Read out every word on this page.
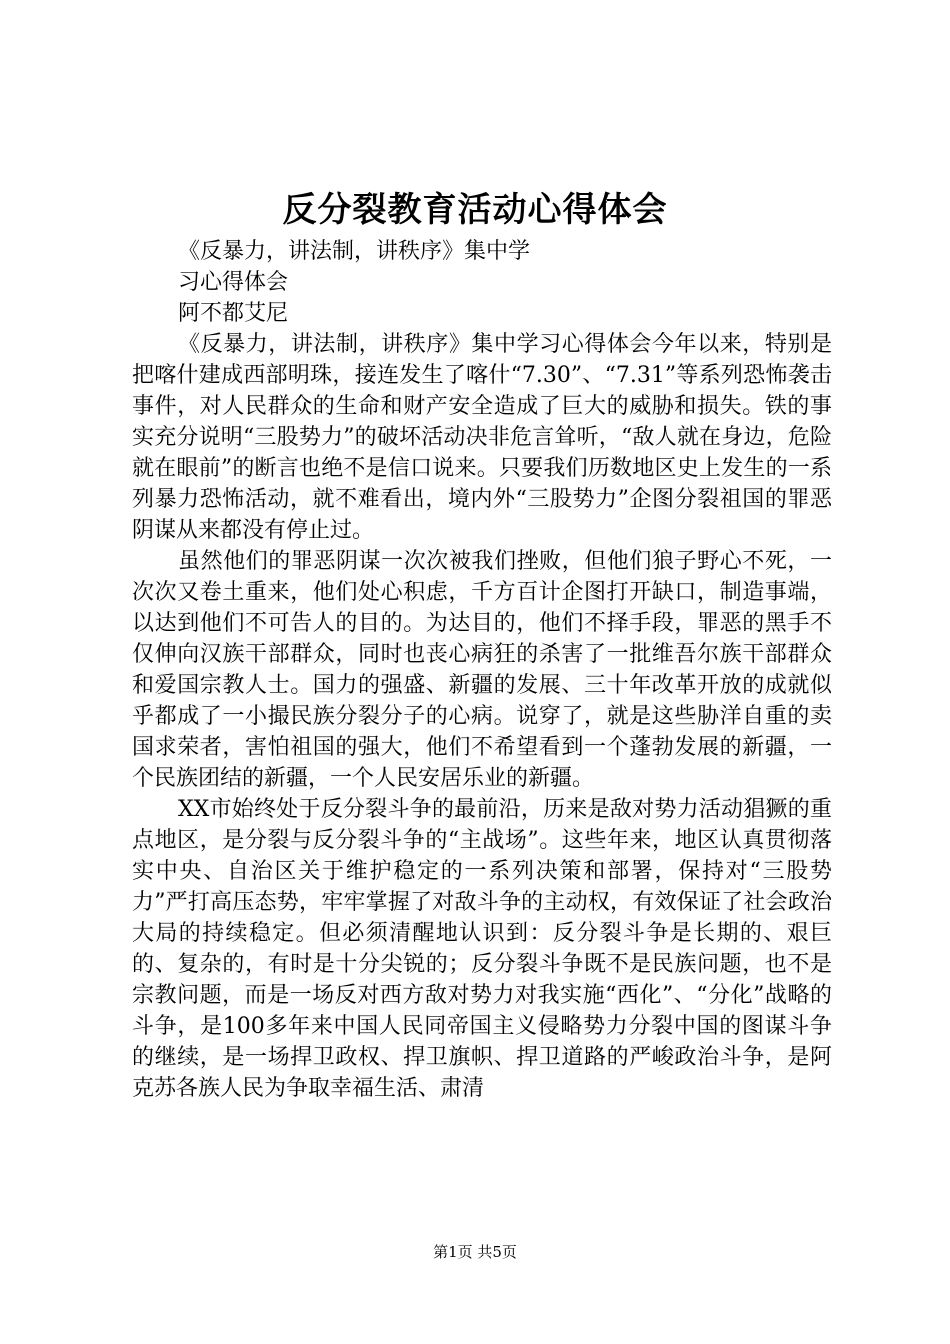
反分裂教育活动心得体会
《反暴力，讲法制，讲秩序》集中学
习心得体会
阿不都艾尼

《反暴力，讲法制，讲秩序》集中学习心得体会今年以来，特别是把喀什建成西部明珠，接连发生了喀什“7.30”、“7.31”等系列恐怖袭击事件，对人民群众的生命和财产安全造成了巨大的威胁和损失。铁的事实充分说明“三股势力”的破坏活动决非危言耸听，“敌人就在身边，危险就在眼前”的断言也绝不是信口说来。只要我们历数地区史上发生的一系列暴力恐怖活动，就不难看出，境内外“三股势力”企图分裂祖国的罪恶阴谋从来都没有停止过。

虽然他们的罪恶阴谋一次次被我们挫败，但他们狼子野心不死，一次次又卷土重来，他们处心积虑，千方百计企图打开缺口，制造事端，以达到他们不可告人的目的。为达目的，他们不择手段，罪恶的黑手不仅伸向汉族干部群众，同时也丧心病狂的杀害了一批维吾尔族干部群众和爱国宗教人士。国力的强盛、新疆的发展、三十年改革开放的成就似乎都成了一小撮民族分裂分子的心病。说穿了，就是这些胁洋自重的卖国求荣者，害怕祖国的强大，他们不希望看到一个蓬勃发展的新疆，一个民族团结的新疆，一个人民安居乐业的新疆。

XX市始终处于反分裂斗争的最前沿，历来是敌对势力活动猖獗的重点地区，是分裂与反分裂斗争的“主战场”。这些年来，地区认真贯彻落实中央、自治区关于维护稳定的一系列决策和部署，保持对“三股势力”严打高压态势，牢牢掌握了对敌斗争的主动权，有效保证了社会政治大局的持续稳定。但必须清醒地认识到：反分裂斗争是长期的、艰巨的、复杂的，有时是十分尖锐的；反分裂斗争既不是民族问题，也不是宗教问题，而是一场反对西方敌对势力对我实施“西化”、“分化”战略的斗争，是100多年来中国人民同帝国主义侵略势力分裂中国的图谋斗争的继续，是一场捍卫政权、捍卫旗帜、捍卫道路的严峻政治斗争，是阿克苏各族人民为争取幸福生活、肃清

第1页 共5页
